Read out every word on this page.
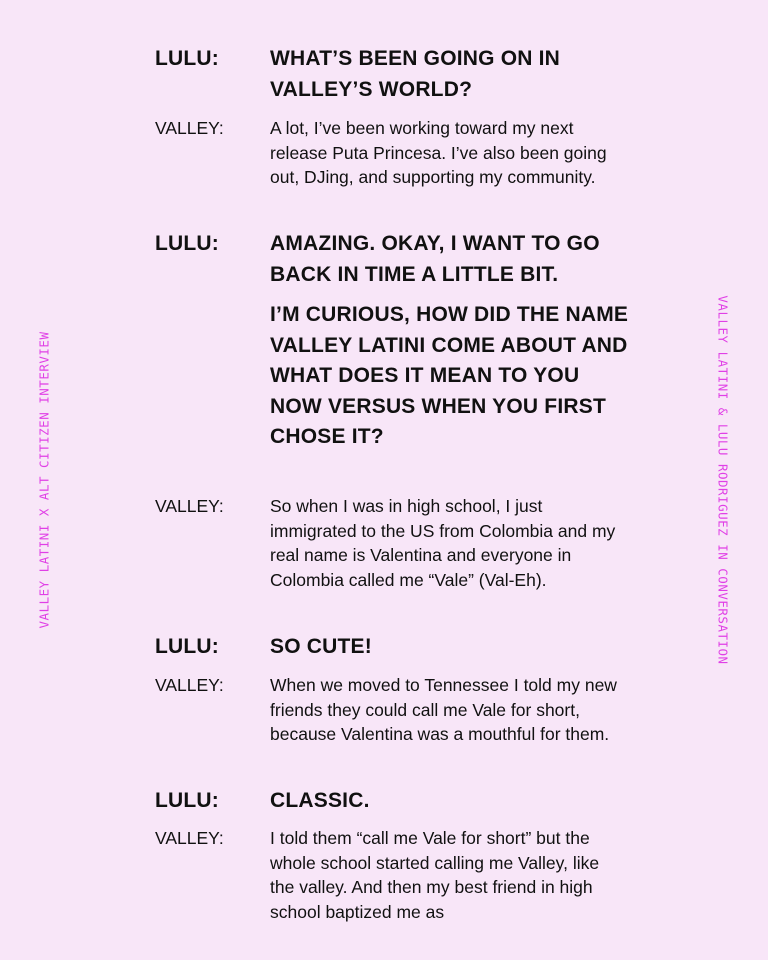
VALLEY LATINI X ALT CITIZEN INTERVIEW	VALLEY LATINI & LULU RODRIGUEZ IN CONVERSATION
LULU: WHAT’S BEEN GOING ON IN VALLEY’S WORLD?

VALLEY:	A lot, I’ve been working toward my next release Puta Princesa. I’ve also been going out, DJing, and supporting my community.

LULU: AMAZING. OKAY, I WANT TO GO BACK IN TIME A LITTLE BIT.

I’M CURIOUS, HOW DID THE NAME VALLEY LATINI COME ABOUT AND WHAT DOES IT MEAN TO YOU NOW VERSUS WHEN YOU FIRST CHOSE IT?

VALLEY:	So when I was in high school, I just immigrated to the US from Colombia and my real name is Valentina and everyone in Colombia called me “Vale” (Val-Eh).

LULU: SO CUTE!

VALLEY:	When we moved to Tennessee I told my new friends they could call me Vale for short, because Valentina was a mouthful for them.

LULU: CLASSIC.

VALLEY:	I told them “call me Vale for short” but the whole school started calling me Valley, like the valley. And then my best friend in high school baptized me as
